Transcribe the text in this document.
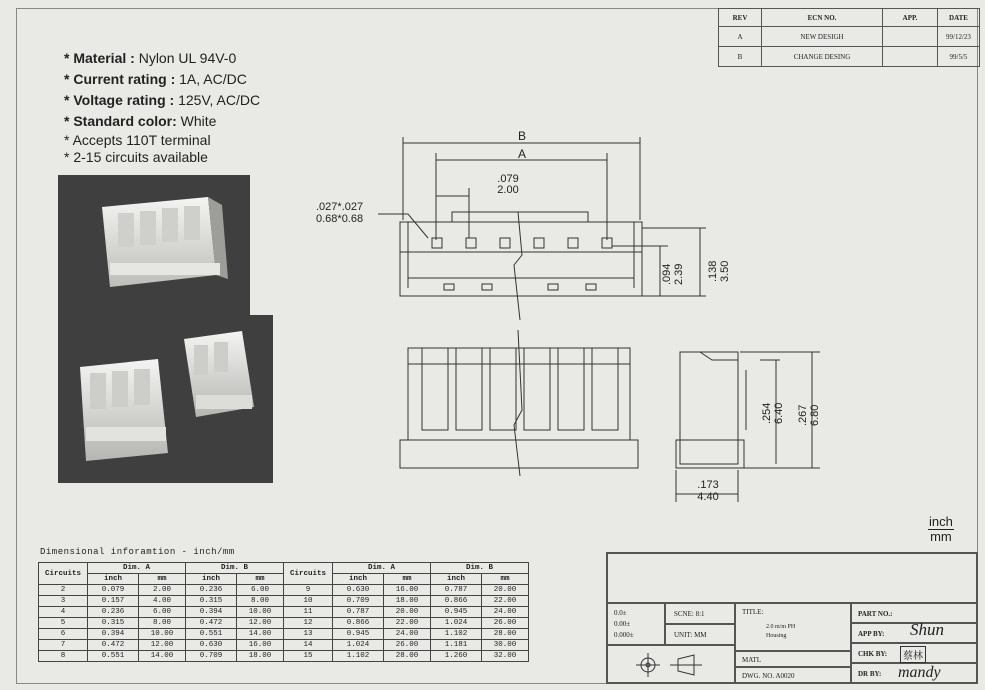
REV	ECN NO.	APP.	DATE
A	NEW DESIGH		99/12/23
B	CHANGE DESING		99/5/5
* Material : Nylon UL 94V-0
* Current rating : 1A, AC/DC
* Voltage rating : 125V, AC/DC
* Standard color: White
* Accepts 110T terminal
* 2-15 circuits available
B
A
.079
2.00
.027*.027
0.68*0.68
.094 2.39 .138 3.50
.254 6.40 .267 6.80
.173
4.40
inch
mm
Dimensional inforamtion - inch/mm
Circuits	Dim. A		Dim. B		Circuits	Dim. A		Dim. B	
	inch	mm	inch	mm		inch	mm	inch	mm
2	0.079	2.00	0.236	6.00	9	0.630	16.00	0.787	20.00
3	0.157	4.00	0.315	8.00	10	0.709	18.00	0.866	22.00
4	0.236	6.00	0.394	10.00	11	0.787	20.00	0.945	24.00
5	0.315	8.00	0.472	12.00	12	0.866	22.00	1.024	26.00
6	0.394	10.00	0.551	14.00	13	0.945	24.00	1.102	28.00
7	0.472	12.00	0.630	16.00	14	1.024	26.00	1.181	30.00
8	0.551	14.00	0.709	18.00	15	1.102	28.00	1.260	32.00
0.0±
0.00±
0.000±
SCNE: 8:1
UNIT: MM
TITLE:
2.0 m/m PH
Housing
MATL
DWG. NO. A0020
PART NO.:
APP BY: Shun
CHK BY:	蔡林
DR BY: mandy
